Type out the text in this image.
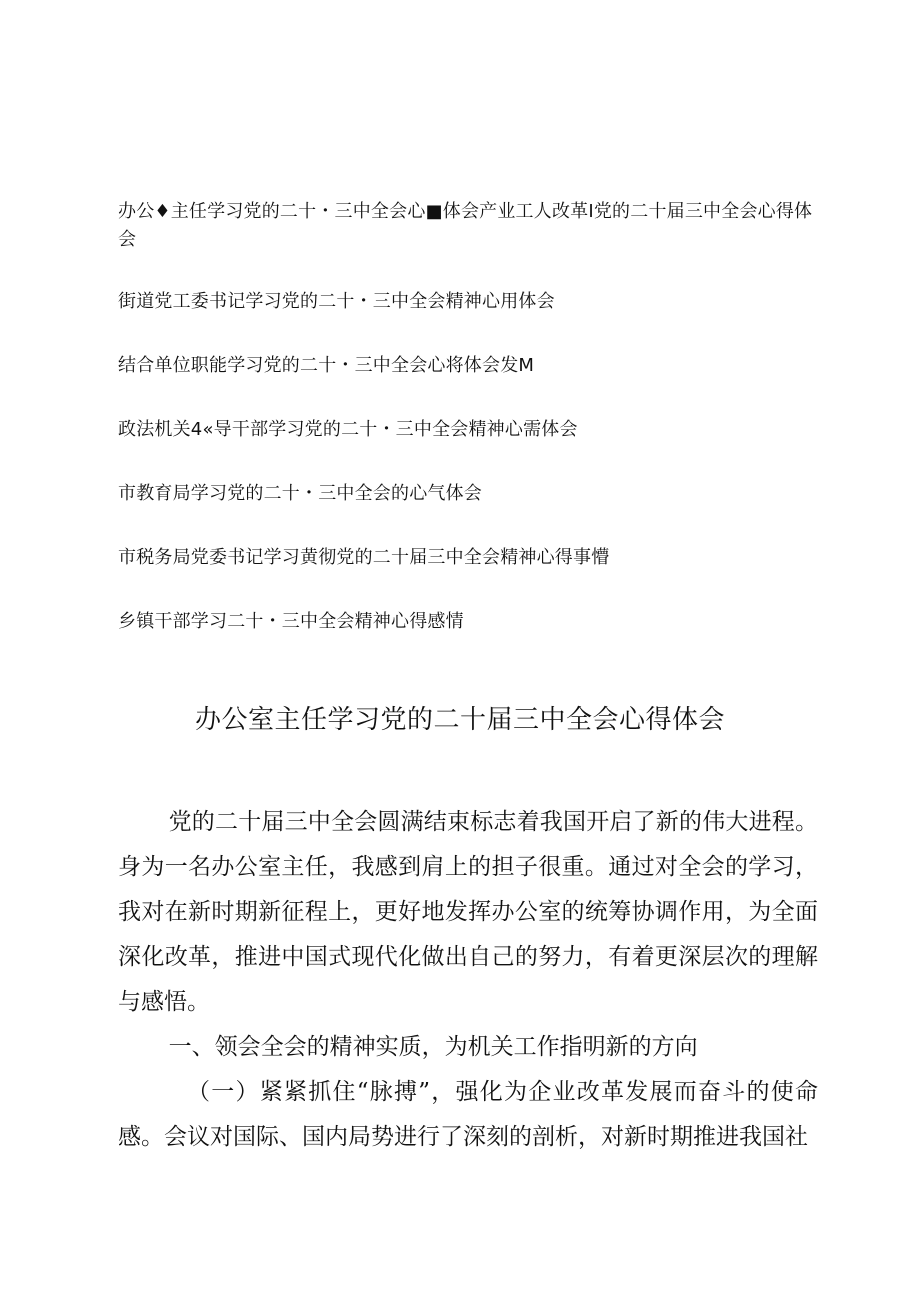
办公♦主任学习党的二十・三中全会心■体会产业工人改革Ι党的二十届三中全会心得体会
街道党工委书记学习党的二十・三中全会精神心用体会
结合单位职能学习党的二十・三中全会心将体会发M
政法机关4«导干部学习党的二十・三中全会精神心需体会
市教育局学习党的二十・三中全会的心气体会
市税务局党委书记学习黄彻党的二十届三中全会精神心得事懵
乡镇干部学习二十・三中全会精神心得感情
办公室主任学习党的二十届三中全会心得体会

党的二十届三中全会圆满结束标志着我国开启了新的伟大进程。身为一名办公室主任，我感到肩上的担子很重。通过对全会的学习，我对在新时期新征程上，更好地发挥办公室的统筹协调作用，为全面深化改革，推进中国式现代化做出自己的努力，有着更深层次的理解与感悟。

一、领会全会的精神实质，为机关工作指明新的方向

（一）紧紧抓住“脉搏”，强化为企业改革发展而奋斗的使命感。会议对国际、国内局势进行了深刻的剖析，对新时期推进我国社
